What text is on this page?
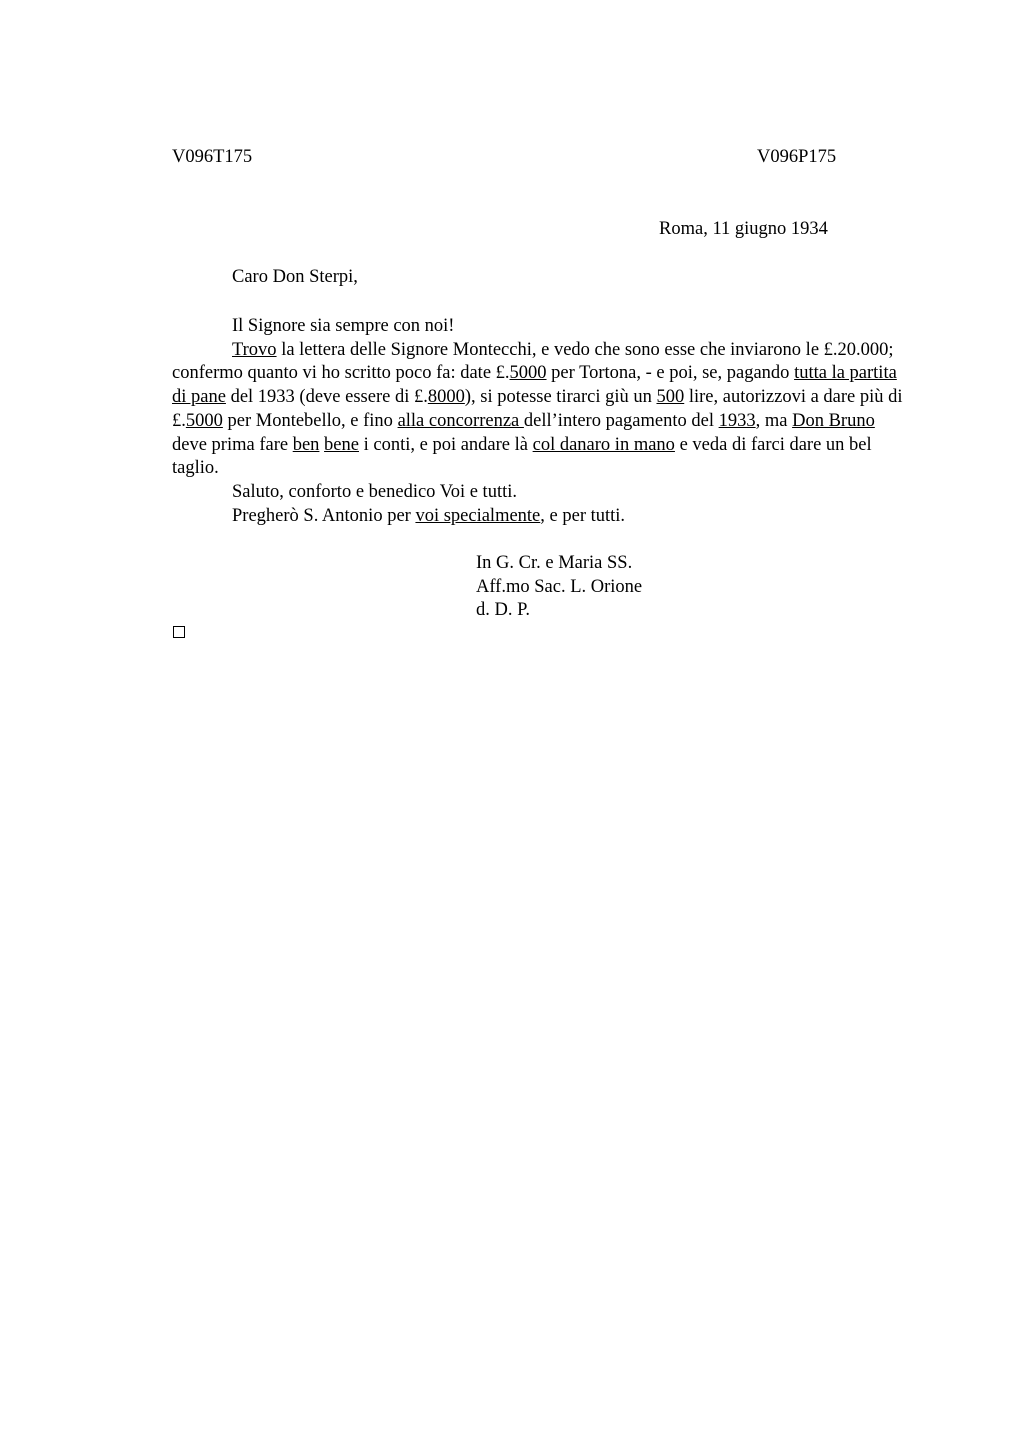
V096T175	V096P175
Roma, 11 giugno 1934
Caro Don Sterpi,

Il Signore sia sempre con noi!

Trovo la lettera delle Signore Montecchi, e vedo che sono esse che inviarono le £.20.000; confermo quanto vi ho scritto poco fa: date £.5000 per Tortona, - e poi, se, pagando tutta la partita di pane del 1933 (deve essere di £.8000), si potesse tirarci giù un 500 lire, autorizzovi a dare più di £.5000 per Montebello, e fino alla concorrenza dell’intero pagamento del 1933, ma Don Bruno deve prima fare ben bene i conti, e poi andare là col danaro in mano e veda di farci dare un bel taglio.

Saluto, conforto e benedico Voi e tutti.

Pregherò S. Antonio per voi specialmente, e per tutti.

In G. Cr. e Maria SS.
Aff.mo Sac. L. Orione
d. D. P.
